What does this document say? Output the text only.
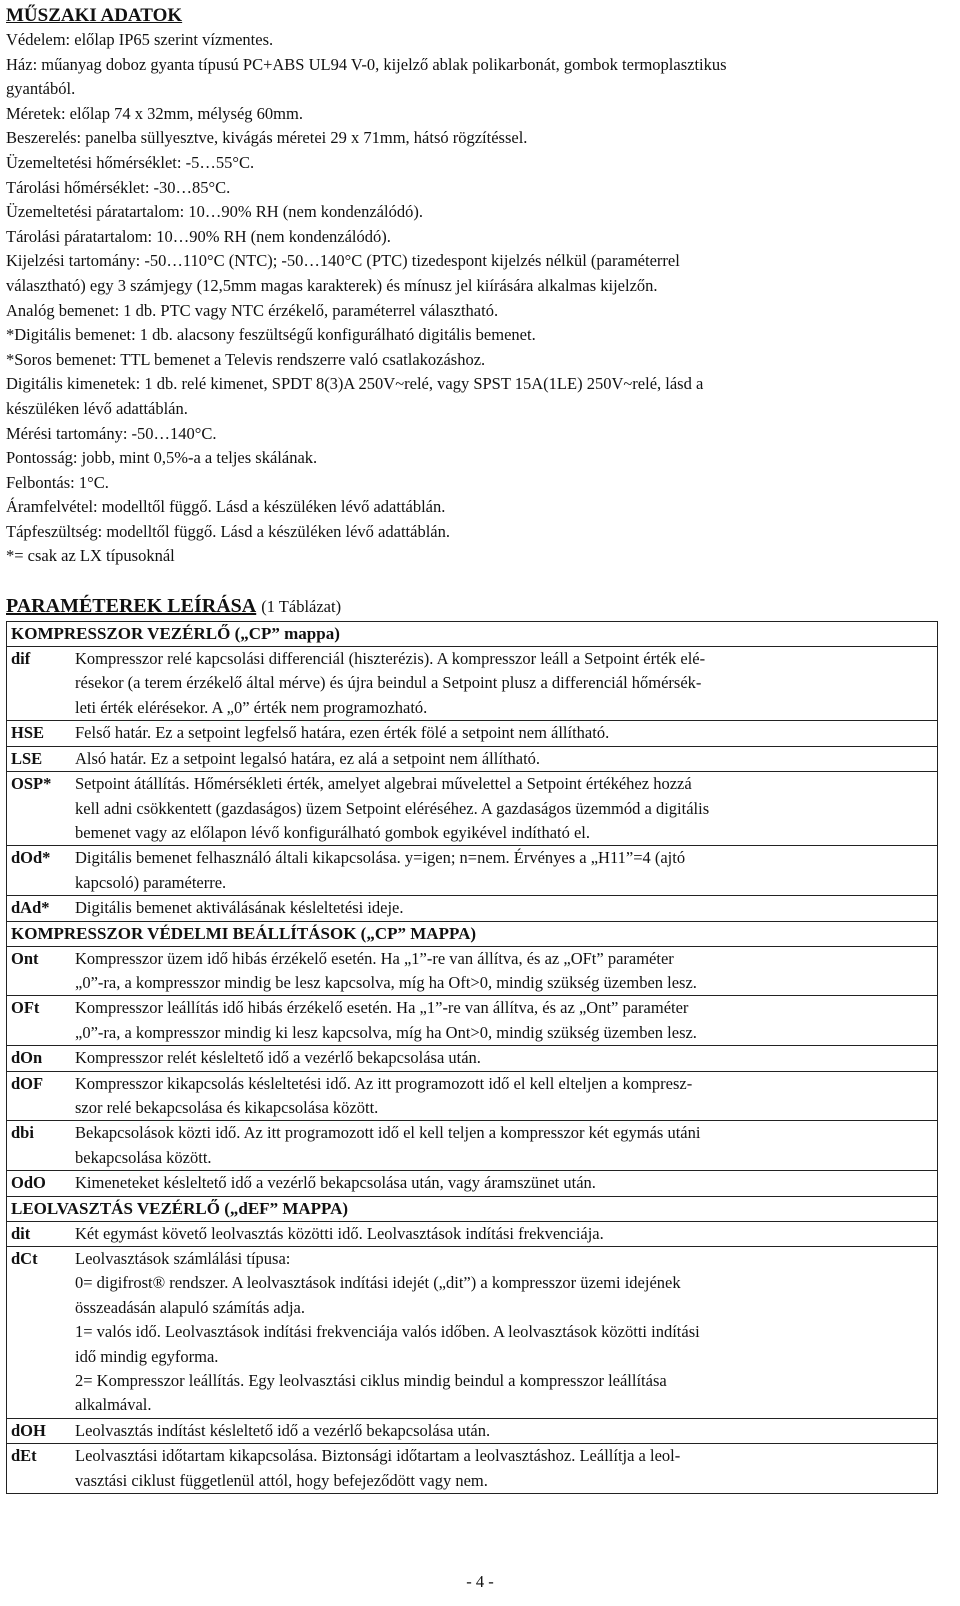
MŰSZAKI ADATOK
Védelem: előlap IP65 szerint vízmentes.
Ház: műanyag doboz gyanta típusú PC+ABS UL94 V-0, kijelző ablak polikarbonát, gombok termoplasztikus
gyantából.
Méretek: előlap 74 x 32mm, mélység 60mm.
Beszerelés: panelba süllyesztve, kivágás méretei 29 x 71mm, hátsó rögzítéssel.
Üzemeltetési hőmérséklet: -5…55°C.
Tárolási hőmérséklet: -30…85°C.
Üzemeltetési páratartalom: 10…90% RH (nem kondenzálódó).
Tárolási páratartalom: 10…90% RH (nem kondenzálódó).
Kijelzési tartomány: -50…110°C (NTC); -50…140°C (PTC) tizedespont kijelzés nélkül (paraméterrel
választható) egy 3 számjegy (12,5mm magas karakterek) és mínusz jel kiírására alkalmas kijelzőn.
Analóg bemenet: 1 db. PTC vagy NTC érzékelő, paraméterrel választható.
*Digitális bemenet: 1 db. alacsony feszültségű konfigurálható digitális bemenet.
*Soros bemenet: TTL bemenet a Televis rendszerre való csatlakozáshoz.
Digitális kimenetek: 1 db. relé kimenet, SPDT 8(3)A 250V~relé, vagy SPST 15A(1LE) 250V~relé, lásd a
készüléken lévő adattáblán.
Mérési tartomány: -50…140°C.
Pontosság: jobb, mint 0,5%-a a teljes skálának.
Felbontás: 1°C.
Áramfelvétel: modelltől függő. Lásd a készüléken lévő adattáblán.
Tápfeszültség: modelltől függő. Lásd a készüléken lévő adattáblán.
*= csak az LX típusoknál
PARAMÉTEREK LEÍRÁSA (1 Táblázat)
KOMPRESSZOR VEZÉRLŐ („CP” mappa)
dif	Kompresszor relé kapcsolási differenciál (hiszterézis). A kompresszor leáll a Setpoint érték elé-
résekor (a terem érzékelő által mérve) és újra beindul a Setpoint plusz a differenciál hőmérsék-
leti érték elérésekor. A „0” érték nem programozható.

HSE Felső határ. Ez a setpoint legfelső határa, ezen érték fölé a setpoint nem állítható.

LSE Alsó határ. Ez a setpoint legalsó határa, ez alá a setpoint nem állítható.

OSP* Setpoint átállítás. Hőmérsékleti érték, amelyet algebrai művelettel a Setpoint értékéhez hozzá
kell adni csökkentett (gazdaságos) üzem Setpoint eléréséhez. A gazdaságos üzemmód a digitális
bemenet vagy az előlapon lévő konfigurálható gombok egyikével indítható el.

dOd* Digitális bemenet felhasználó általi kikapcsolása. y=igen; n=nem. Érvényes a „H11”=4 (ajtó
kapcsoló) paraméterre.

dAd* Digitális bemenet aktiválásának késleltetési ideje.

KOMPRESSZOR VÉDELMI BEÁLLÍTÁSOK („CP” MAPPA)
Ont Kompresszor üzem idő hibás érzékelő esetén. Ha „1”-re van állítva, és az „OFt” paraméter
„0”-ra, a kompresszor mindig be lesz kapcsolva, míg ha Oft>0, mindig szükség üzemben lesz.

OFt Kompresszor leállítás idő hibás érzékelő esetén. Ha „1”-re van állítva, és az „Ont” paraméter
„0”-ra, a kompresszor mindig ki lesz kapcsolva, míg ha Ont>0, mindig szükség üzemben lesz.

dOn Kompresszor relét késleltető idő a vezérlő bekapcsolása után.

dOF Kompresszor kikapcsolás késleltetési idő. Az itt programozott idő el kell elteljen a kompresz-
szor relé bekapcsolása és kikapcsolása között.

dbi Bekapcsolások közti idő. Az itt programozott idő el kell teljen a kompresszor két egymás utáni
bekapcsolása között.

OdO Kimeneteket késleltető idő a vezérlő bekapcsolása után, vagy áramszünet után.

LEOLVASZTÁS VEZÉRLŐ („dEF” MAPPA)
dit	Két egymást követő leolvasztás közötti idő. Leolvasztások indítási frekvenciája.

dCt Leolvasztások számlálási típusa:
0= digifrost® rendszer. A leolvasztások indítási idejét („dit”) a kompresszor üzemi idejének
összeadásán alapuló számítás adja.
1= valós idő. Leolvasztások indítási frekvenciája valós időben. A leolvasztások közötti indítási
idő mindig egyforma.
2= Kompresszor leállítás. Egy leolvasztási ciklus mindig beindul a kompresszor leállítása
alkalmával.

dOH Leolvasztás indítást késleltető idő a vezérlő bekapcsolása után.

dEt Leolvasztási időtartam kikapcsolása. Biztonsági időtartam a leolvasztáshoz. Leállítja a leol-
vasztási ciklust függetlenül attól, hogy befejeződött vagy nem.
- 4 -
